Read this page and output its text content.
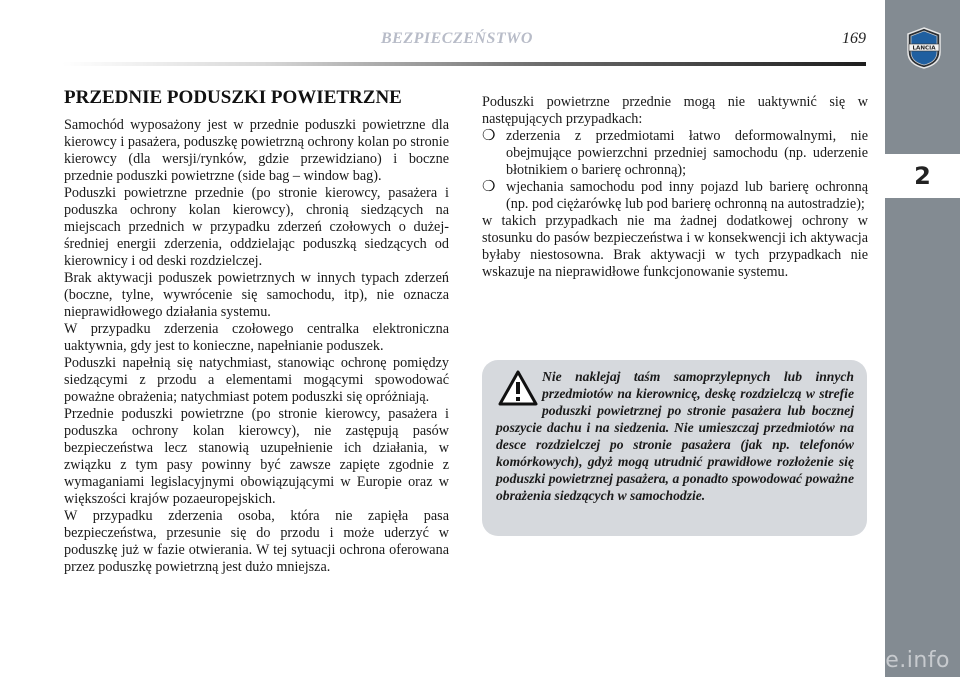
BEZPIECZEŃSTWO	169
LANCIA
2
PRZEDNIE PODUSZKI POWIETRZNE

Samochód wyposażony jest w przednie poduszki powietrzne dla kierowcy i pasażera, poduszkę powietrzną ochrony kolan po stronie kierowcy (dla wersji/rynków, gdzie przewidziano) i boczne przednie poduszki powietrzne (side bag – window bag).

Poduszki powietrzne przednie (po stronie kierowcy, pasażera i poduszka ochrony kolan kierowcy), chronią siedzących na miejscach przednich w przypadku zderzeń czołowych o dużej-średniej energii zderzenia, oddzielając poduszką siedzących od kierownicy i od deski rozdzielczej.

Brak aktywacji poduszek powietrznych w innych typach zderzeń (boczne, tylne, wywrócenie się samochodu, itp), nie oznacza nieprawidłowego działania systemu.

W przypadku zderzenia czołowego centralka elektroniczna uaktywnia, gdy jest to konieczne, napełnianie poduszek.

Poduszki napełnią się natychmiast, stanowiąc ochronę pomiędzy siedzącymi z przodu a elementami mogącymi spowodować poważne obrażenia; natychmiast potem poduszki się opróżniają.

Przednie poduszki powietrzne (po stronie kierowcy, pasażera i poduszka ochrony kolan kierowcy), nie zastępują pasów bezpieczeństwa lecz stanowią uzupełnienie ich działania, w związku z tym pasy powinny być zawsze zapięte zgodnie z wymaganiami legislacyjnymi obowiązującymi w Europie oraz w większości krajów pozaeuropejskich.

W przypadku zderzenia osoba, która nie zapięła pasa bezpieczeństwa, przesunie się do przodu i może uderzyć w poduszkę już w fazie otwierania. W tej sytuacji ochrona oferowana przez poduszkę powietrzną jest dużo mniejsza.

Poduszki powietrzne przednie mogą nie uaktywnić się w następujących przypadkach:

❍ zderzenia z przedmiotami łatwo deformowalnymi, nie obejmujące powierzchni przedniej samochodu (np. uderzenie błotnikiem o barierę ochronną);
❍ wjechania samochodu pod inny pojazd lub barierę ochronną (np. pod ciężarówkę lub pod barierę ochronną na autostradzie);

w takich przypadkach nie ma żadnej dodatkowej ochrony w stosunku do pasów bezpieczeństwa i w konsekwencji ich aktywacja byłaby niestosowna. Brak aktywacji w tych przypadkach nie wskazuje na nieprawidłowe funkcjonowanie systemu.

Nie naklejaj taśm samoprzylepnych lub innych przedmiotów na kierownicę, deskę rozdzielczą w strefie poduszki powietrznej po stronie pasażera lub bocznej poszycie dachu i na siedzenia. Nie umieszczaj przedmiotów na desce rozdzielczej po stronie pasażera (jak np. telefonów komórkowych), gdyż mogą utrudnić prawidłowe rozłożenie się poduszki powietrznej pasażera, a ponadto spowodować poważne obrażenia siedzących w samochodzie.
carmanualsonline.info
